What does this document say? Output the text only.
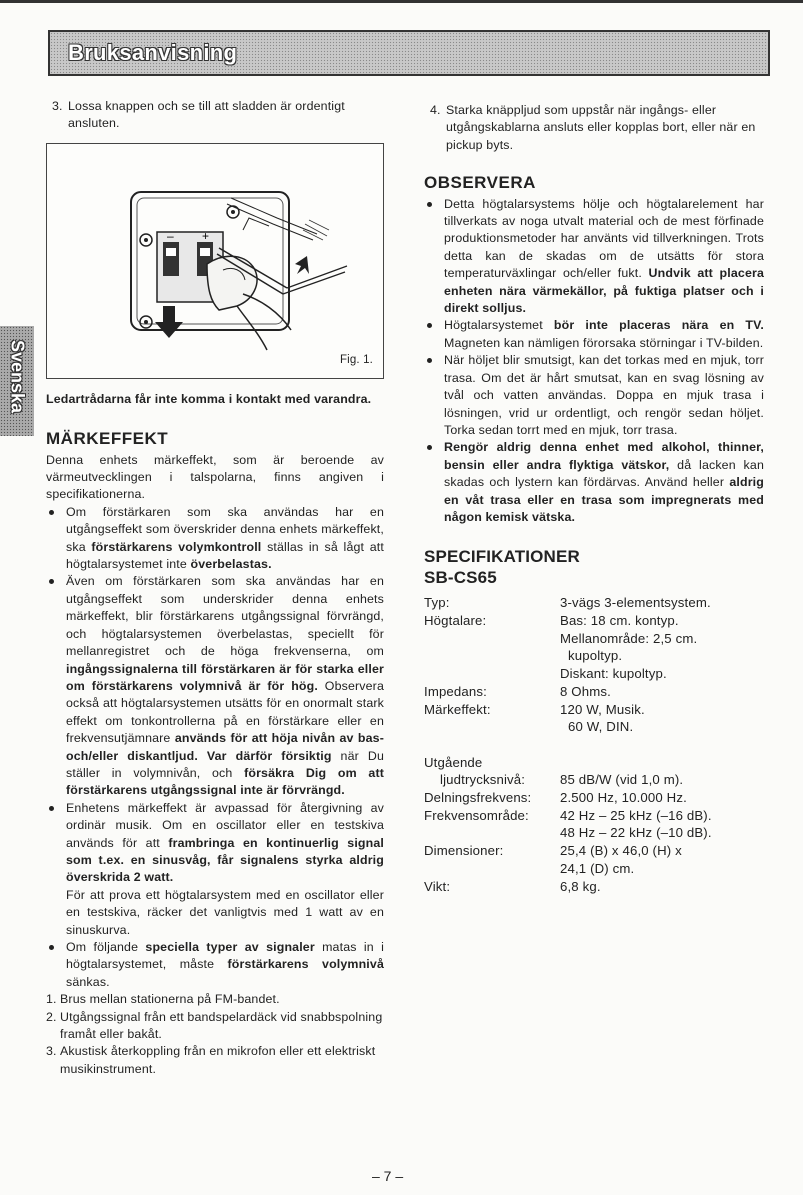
Bruksanvisning
Svenska

3. Lossa knappen och se till att sladden är ordentigt ansluten.

+
–
Fig. 1.

Ledartrådarna får inte komma i kontakt med varandra.

MÄRKEFFEKT

Denna enhets märkeffekt, som är beroende av värmeutvecklingen i talspolarna, finns angiven i specifikationerna.

Om förstärkaren som ska användas har en utgångseffekt som överskrider denna enhets märkeffekt, ska förstärkarens volymkontroll ställas in så lågt att högtalarsystemet inte överbelastas.

Även om förstärkaren som ska användas har en utgångseffekt som underskrider denna enhets märkeffekt, blir förstärkarens utgångssignal förvrängd, och högtalarsystemen överbelastas, speciellt för mellanregistret och de höga frekvenserna, om ingångssignalerna till förstärkaren är för starka eller om förstärkarens volymnivå är för hög. Observera också att högtalarsystemen utsätts för en onormalt stark effekt om tonkontrollerna på en förstärkare eller en frekvensutjämnare används för att höja nivån av bas- och/eller diskantljud. Var därför försiktig när Du ställer in volymnivån, och försäkra Dig om att förstärkarens utgångssignal inte är förvrängd.

Enhetens märkeffekt är avpassad för återgivning av ordinär musik. Om en oscillator eller en testskiva används för att frambringa en kontinuerlig signal som t.ex. en sinusvåg, får signalens styrka aldrig överskrida 2 watt.
För att prova ett högtalarsystem med en oscillator eller en testskiva, räcker det vanligtvis med 1 watt av en sinuskurva.

Om följande speciella typer av signaler matas in i högtalarsystemet, måste förstärkarens volymnivå sänkas.

1. Brus mellan stationerna på FM-bandet.

2. Utgångssignal från ett bandspelardäck vid snabbspolning framåt eller bakåt.

3. Akustisk återkoppling från en mikrofon eller ett elektriskt musikinstrument.

4. Starka knäppljud som uppstår när ingångs- eller utgångskablarna ansluts eller kopplas bort, eller när en pickup byts.

OBSERVERA

Detta högtalarsystems hölje och högtalarelement har tillverkats av noga utvalt material och de mest förfinade produktionsmetoder har använts vid tillverkningen. Trots detta kan de skadas om de utsätts för stora temperaturväxlingar och/eller fukt. Undvik att placera enheten nära värmekällor, på fuktiga platser och i direkt solljus.

Högtalarsystemet bör inte placeras nära en TV. Magneten kan nämligen förorsaka störningar i TV-bilden.

När höljet blir smutsigt, kan det torkas med en mjuk, torr trasa. Om det är hårt smutsat, kan en svag lösning av tvål och vatten användas. Doppa en mjuk trasa i lösningen, vrid ur ordentligt, och rengör sedan höljet. Torka sedan torrt med en mjuk, torr trasa.

Rengör aldrig denna enhet med alkohol, thinner, bensin eller andra flyktiga vätskor, då lacken kan skadas och lystern kan fördärvas. Använd heller aldrig en våt trasa eller en trasa som impregnerats med någon kemisk vätska.

SPECIFIKATIONER
SB-CS65
Typ:	3-vägs 3-elementsystem.
Högtalare:	Bas: 18 cm. kontyp.

Mellanområde: 2,5 cm.

kupoltyp.

Diskant: kupoltyp.
Impedans:	8 Ohms.
Märkeffekt:	120 W, Musik.

60 W, DIN.

Utgående

ljudtrycksnivå:	85 dB/W (vid 1,0 m).
Delningsfrekvens:	2.500 Hz, 10.000 Hz.
Frekvensområde:	42 Hz – 25 kHz (–16 dB).

48 Hz – 22 kHz (–10 dB).
Dimensioner:	25,4 (B) x 46,0 (H) x

24,1 (D) cm.
Vikt:	6,8 kg.
– 7 –
